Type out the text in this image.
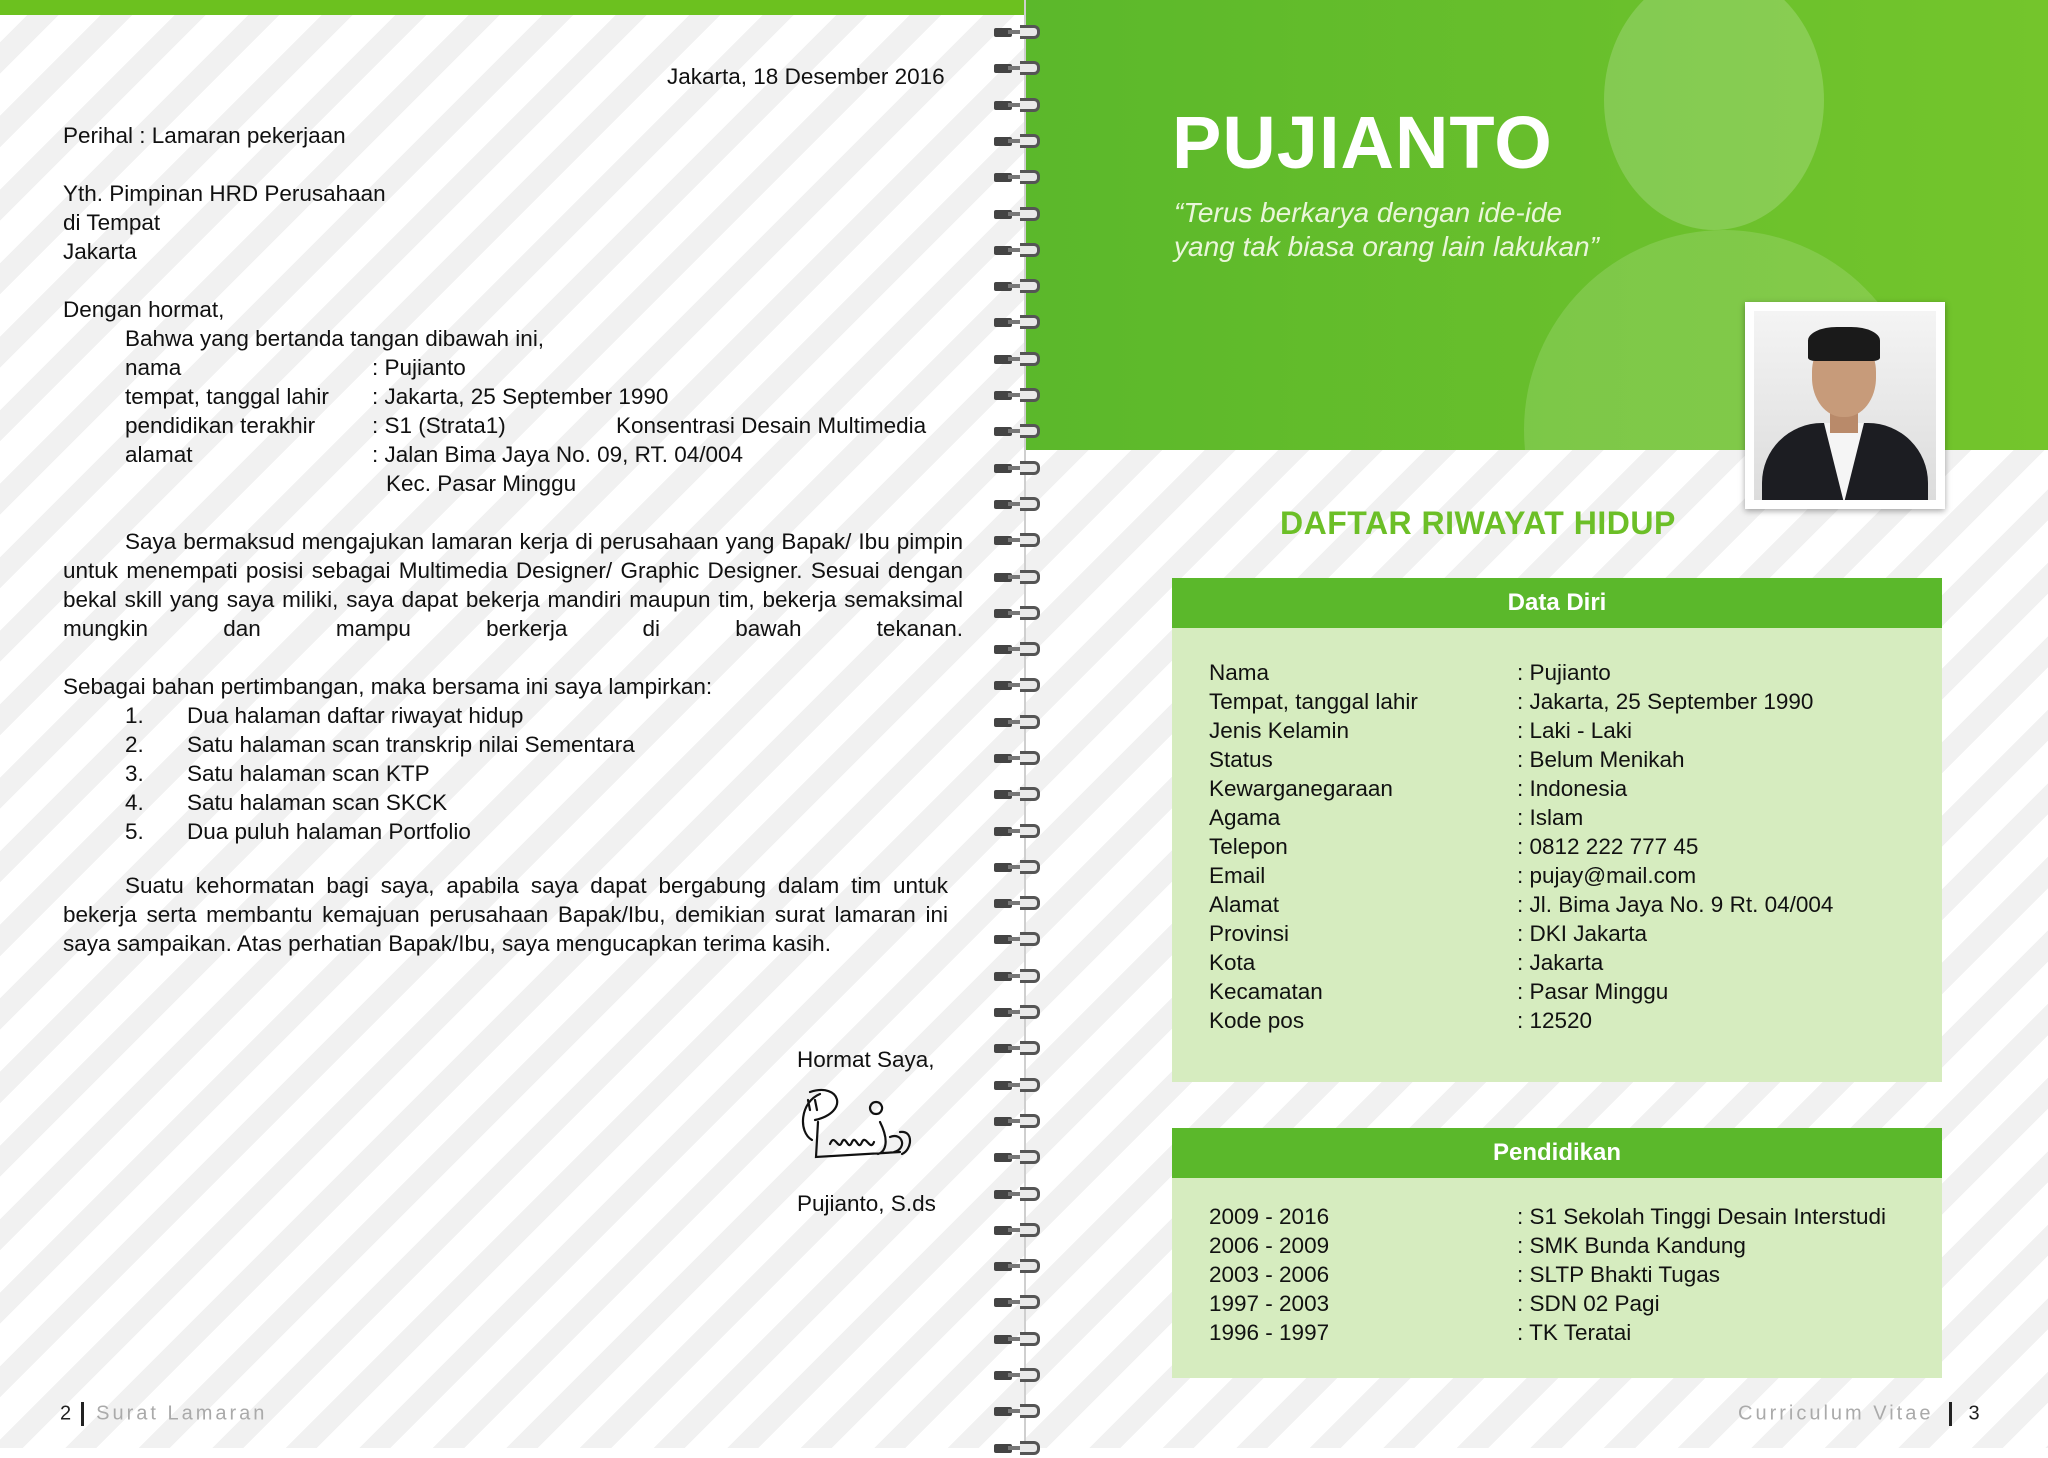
Jakarta, 18 Desember 2016
Perihal : Lamaran pekerjaan
Yth. Pimpinan HRD Perusahaan
di Tempat
Jakarta
Dengan hormat,
Bahwa yang bertanda tangan dibawah ini,
nama	: Pujianto
tempat, tanggal lahir : Jakarta, 25 September 1990
pendidikan terakhir	: S1 (Strata1)	Konsentrasi Desain Multimedia
alamat	: Jalan Bima Jaya No. 09, RT. 04/004
Kec. Pasar Minggu
Saya bermaksud mengajukan lamaran kerja di perusahaan yang Bapak/ Ibu pimpin untuk menempati posisi sebagai Multimedia Designer/ Graphic Designer. Sesuai dengan bekal skill yang saya miliki, saya dapat bekerja mandiri maupun tim, bekerja semaksimal mungkin dan mampu berkerja di bawah tekanan.
Sebagai bahan pertimbangan, maka bersama ini saya lampirkan:
1. Dua halaman daftar riwayat hidup
2. Satu halaman scan transkrip nilai Sementara
3. Satu halaman scan KTP
4. Satu halaman scan SKCK
5. Dua puluh halaman Portfolio
Suatu kehormatan bagi saya, apabila saya dapat bergabung dalam tim untuk bekerja serta membantu kemajuan perusahaan Bapak/Ibu, demikian surat lamaran ini saya sampaikan. Atas perhatian Bapak/Ibu, saya mengucapkan terima kasih.
Hormat Saya,
Pujianto, S.ds
2 Surat Lamaran
PUJIANTO
“Terus berkarya dengan ide-ide yang tak biasa orang lain lakukan”
DAFTAR RIWAYAT HIDUP
Data Diri
Nama	: Pujianto
Tempat, tanggal lahir	: Jakarta, 25 September 1990
Jenis Kelamin	: Laki - Laki
Status	: Belum Menikah
Kewarganegaraan	: Indonesia
Agama	: Islam
Telepon	: 0812 222 777 45
Email	: pujay@mail.com
Alamat	: Jl. Bima Jaya No. 9 Rt. 04/004
Provinsi	: DKI Jakarta
Kota	: Jakarta
Kecamatan	: Pasar Minggu
Kode pos	: 12520
Pendidikan
2009 - 2016	: S1 Sekolah Tinggi Desain Interstudi
2006 - 2009	: SMK Bunda Kandung
2003 - 2006	: SLTP Bhakti Tugas
1997 - 2003	: SDN 02 Pagi
1996 - 1997	: TK Teratai
Curriculum Vitae 3
